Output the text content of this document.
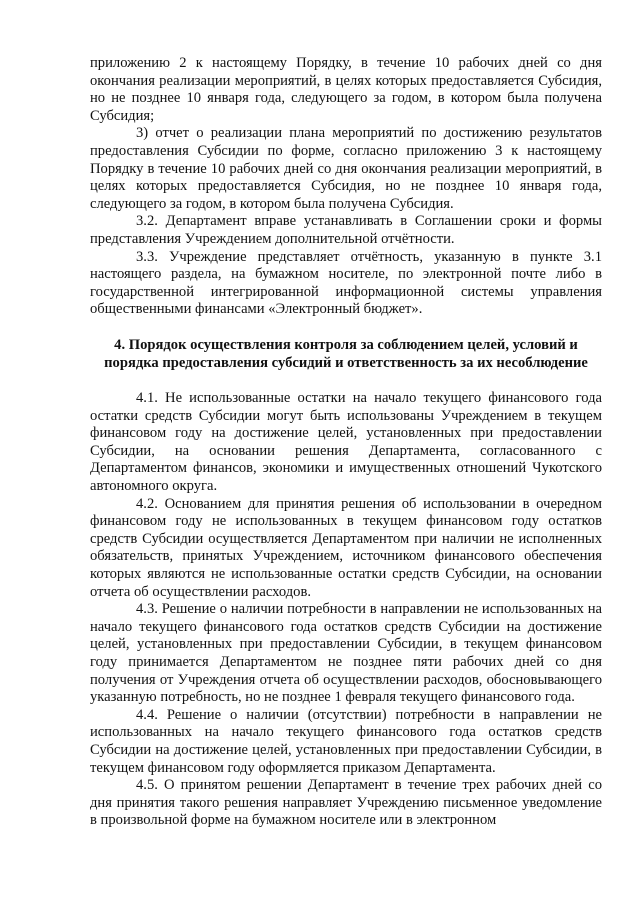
приложению 2 к настоящему Порядку, в течение 10 рабочих дней со дня окончания реализации мероприятий, в целях которых предоставляется Субсидия, но не позднее 10 января года, следующего за годом, в котором была получена Субсидия;

3) отчет о реализации плана мероприятий по достижению результатов предоставления Субсидии по форме, согласно приложению 3 к настоящему Порядку в течение 10 рабочих дней со дня окончания реализации мероприятий, в целях которых предоставляется Субсидия, но не позднее 10 января года, следующего за годом, в котором была получена Субсидия.

3.2. Департамент вправе устанавливать в Соглашении сроки и формы представления Учреждением дополнительной отчётности.

3.3. Учреждение представляет отчётность, указанную в пункте 3.1 настоящего раздела, на бумажном носителе, по электронной почте либо в государственной интегрированной информационной системы управления общественными финансами «Электронный бюджет».

4. Порядок осуществления контроля за соблюдением целей, условий и порядка предоставления субсидий и ответственность за их несоблюдение

4.1. Не использованные остатки на начало текущего финансового года остатки средств Субсидии могут быть использованы Учреждением в текущем финансовом году на достижение целей, установленных при предоставлении Субсидии, на основании решения Департамента, согласованного с Департаментом финансов, экономики и имущественных отношений Чукотского автономного округа.

4.2. Основанием для принятия решения об использовании в очередном финансовом году не использованных в текущем финансовом году остатков средств Субсидии осуществляется Департаментом при наличии не исполненных обязательств, принятых Учреждением, источником финансового обеспечения которых являются не использованные остатки средств Субсидии, на основании отчета об осуществлении расходов.

4.3. Решение о наличии потребности в направлении не использованных на начало текущего финансового года остатков средств Субсидии на достижение целей, установленных при предоставлении Субсидии, в текущем финансовом году принимается Департаментом не позднее пяти рабочих дней со дня получения от Учреждения отчета об осуществлении расходов, обосновывающего указанную потребность, но не позднее 1 февраля текущего финансового года.

4.4. Решение о наличии (отсутствии) потребности в направлении не использованных на начало текущего финансового года остатков средств Субсидии на достижение целей, установленных при предоставлении Субсидии, в текущем финансовом году оформляется приказом Департамента.

4.5. О принятом решении Департамент в течение трех рабочих дней со дня принятия такого решения направляет Учреждению письменное уведомление в произвольной форме на бумажном носителе или в электронном
